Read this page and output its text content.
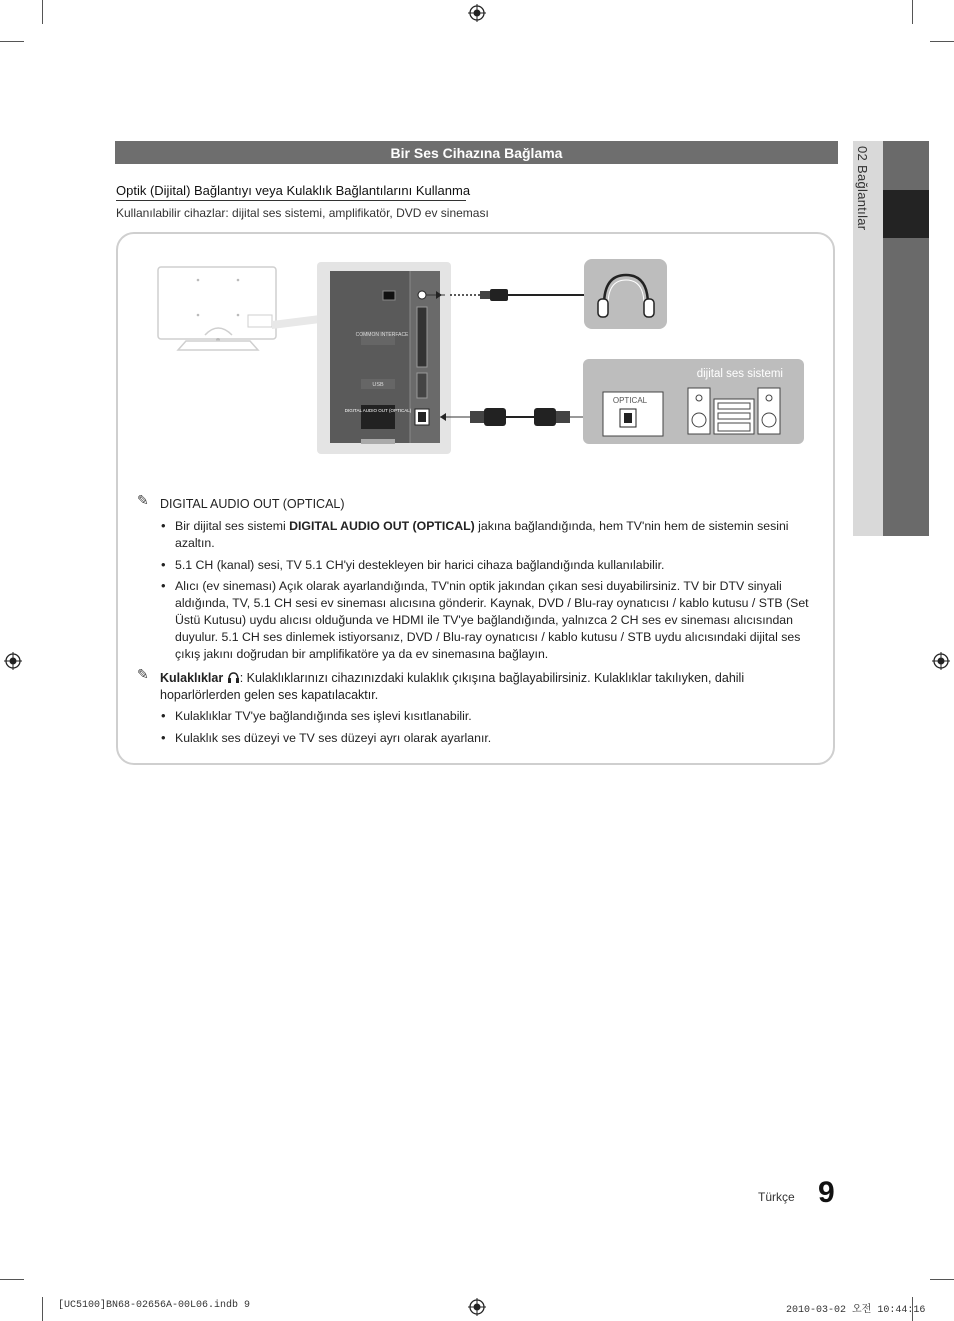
02 Bağlantılar
Bir Ses Cihazına Bağlama
Optik (Dijital) Bağlantıyı veya Kulaklık Bağlantılarını Kullanma
Kullanılabilir cihazlar: dijital ses sistemi, amplifikatör, DVD ev sineması
COMMON INTERFACE
USB
DIGITAL AUDIO OUT (OPTICAL)
dijital ses sistemi
OPTICAL
✎ DIGITAL AUDIO OUT (OPTICAL)
• Bir dijital ses sistemi DIGITAL AUDIO OUT (OPTICAL) jakına bağlandığında, hem TV'nin hem de sistemin sesini azaltın.
• 5.1 CH (kanal) sesi, TV 5.1 CH'yi destekleyen bir harici cihaza bağlandığında kullanılabilir.
• Alıcı (ev sineması) Açık olarak ayarlandığında, TV'nin optik jakından çıkan sesi duyabilirsiniz. TV bir DTV sinyali aldığında, TV, 5.1 CH sesi ev sineması alıcısına gönderir. Kaynak, DVD / Blu-ray oynatıcısı / kablo kutusu / STB (Set Üstü Kutusu) uydu alıcısı olduğunda ve HDMI ile TV'ye bağlandığında, yalnızca 2 CH ses ev sineması alıcısından duyulur. 5.1 CH ses dinlemek istiyorsanız, DVD / Blu-ray oynatıcısı / kablo kutusu / STB uydu alıcısındaki dijital ses çıkış jakını doğrudan bir amplifikatöre ya da ev sinemasına bağlayın.
✎ Kulaklıklar : Kulaklıklarınızı cihazınızdaki kulaklık çıkışına bağlayabilirsiniz. Kulaklıklar takılıyken, dahili hoparlörlerden gelen ses kapatılacaktır.
• Kulaklıklar TV'ye bağlandığında ses işlevi kısıtlanabilir.
• Kulaklık ses düzeyi ve TV ses düzeyi ayrı olarak ayarlanır.
Türkçe 9
[UC5100]BN68-02656A-00L06.indb 9	2010-03-02 오전 10:44:16
